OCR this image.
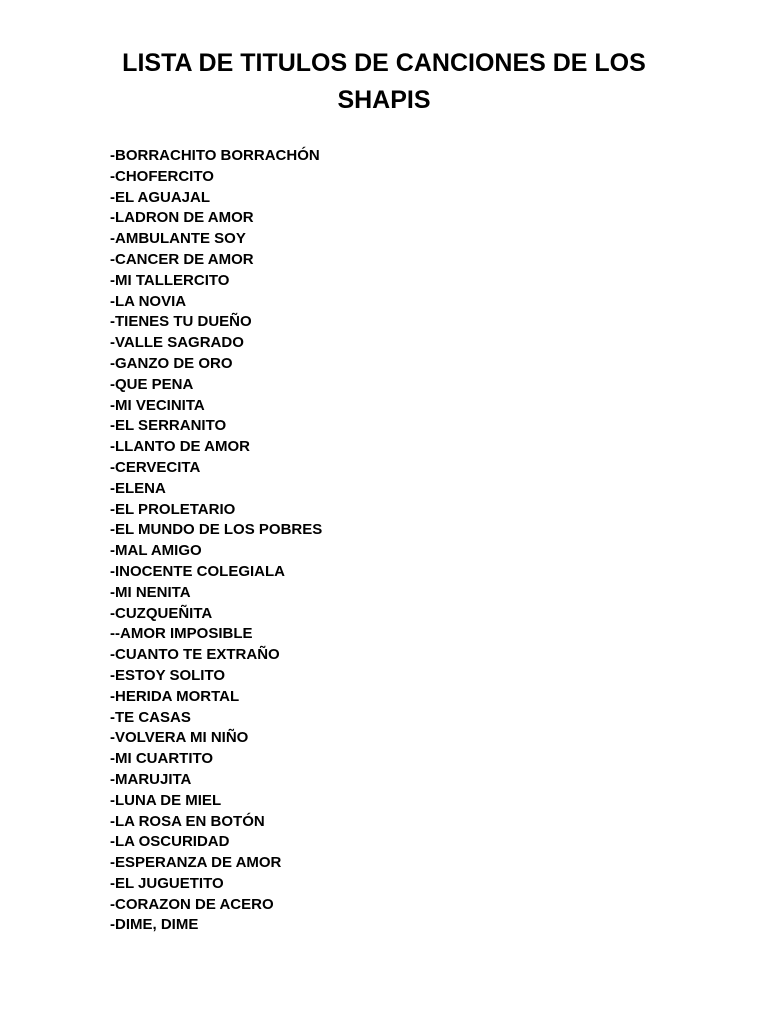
LISTA DE TITULOS DE CANCIONES DE LOS SHAPIS
-BORRACHITO BORRACHÓN
-CHOFERCITO
-EL AGUAJAL
-LADRON DE AMOR
-AMBULANTE SOY
-CANCER DE AMOR
-MI TALLERCITO
-LA NOVIA
-TIENES TU DUEÑO
-VALLE SAGRADO
-GANZO DE ORO
-QUE PENA
-MI VECINITA
-EL SERRANITO
-LLANTO DE AMOR
-CERVECITA
-ELENA
-EL PROLETARIO
-EL MUNDO DE LOS POBRES
-MAL AMIGO
-INOCENTE COLEGIALA
-MI NENITA
-CUZQUEÑITA
--AMOR IMPOSIBLE
-CUANTO TE EXTRAÑO
-ESTOY SOLITO
-HERIDA MORTAL
-TE CASAS
-VOLVERA MI NIÑO
-MI CUARTITO
-MARUJITA
-LUNA DE MIEL
-LA ROSA EN BOTÓN
-LA OSCURIDAD
-ESPERANZA DE AMOR
-EL JUGUETITO
-CORAZON DE ACERO
-DIME, DIME
